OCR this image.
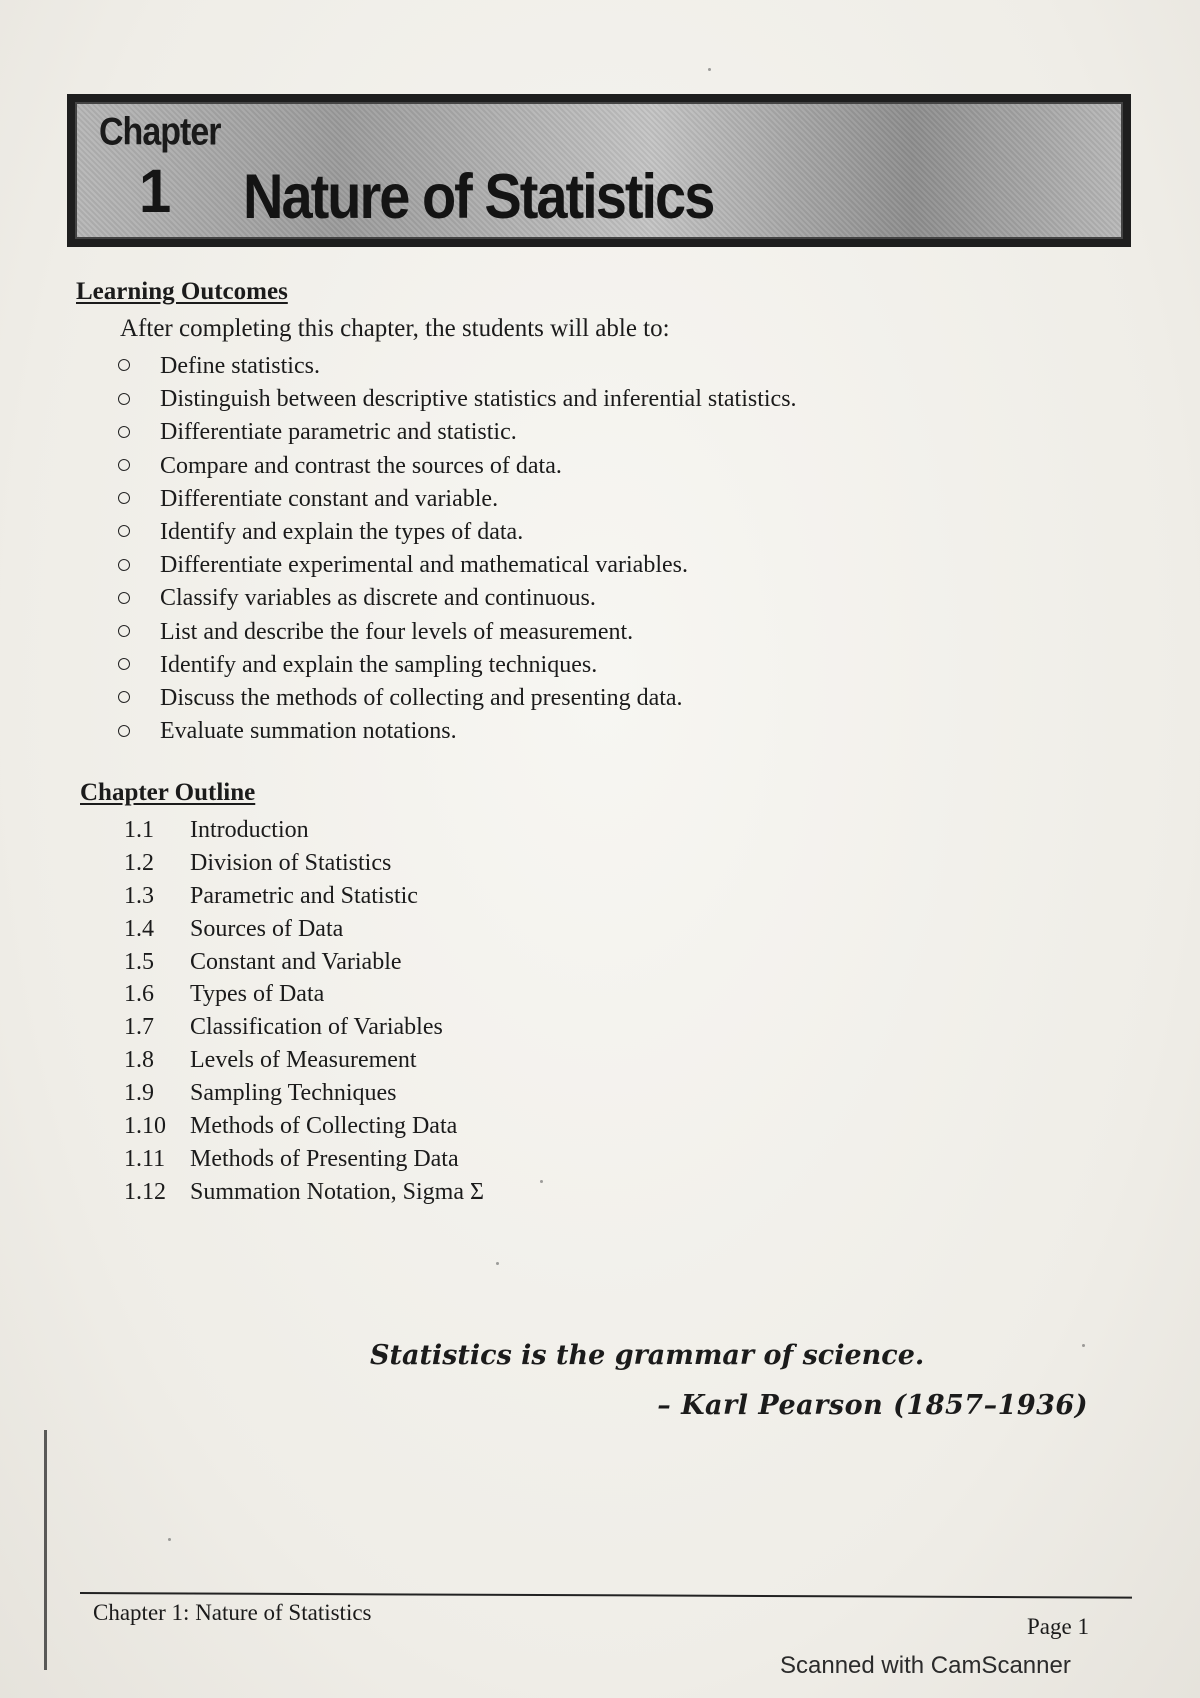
Chapter
1 Nature of Statistics
Learning Outcomes
After completing this chapter, the students will able to:
Define statistics.
Distinguish between descriptive statistics and inferential statistics.
Differentiate parametric and statistic.
Compare and contrast the sources of data.
Differentiate constant and variable.
Identify and explain the types of data.
Differentiate experimental and mathematical variables.
Classify variables as discrete and continuous.
List and describe the four levels of measurement.
Identify and explain the sampling techniques.
Discuss the methods of collecting and presenting data.
Evaluate summation notations.
Chapter Outline
1.1 Introduction
1.2 Division of Statistics
1.3 Parametric and Statistic
1.4 Sources of Data
1.5 Constant and Variable
1.6 Types of Data
1.7 Classification of Variables
1.8 Levels of Measurement
1.9 Sampling Techniques
1.10 Methods of Collecting Data
1.11 Methods of Presenting Data
1.12 Summation Notation, Sigma Σ
Statistics is the grammar of science.
– Karl Pearson (1857–1936)
Chapter 1: Nature of Statistics
Page 1
Scanned with CamScanner
